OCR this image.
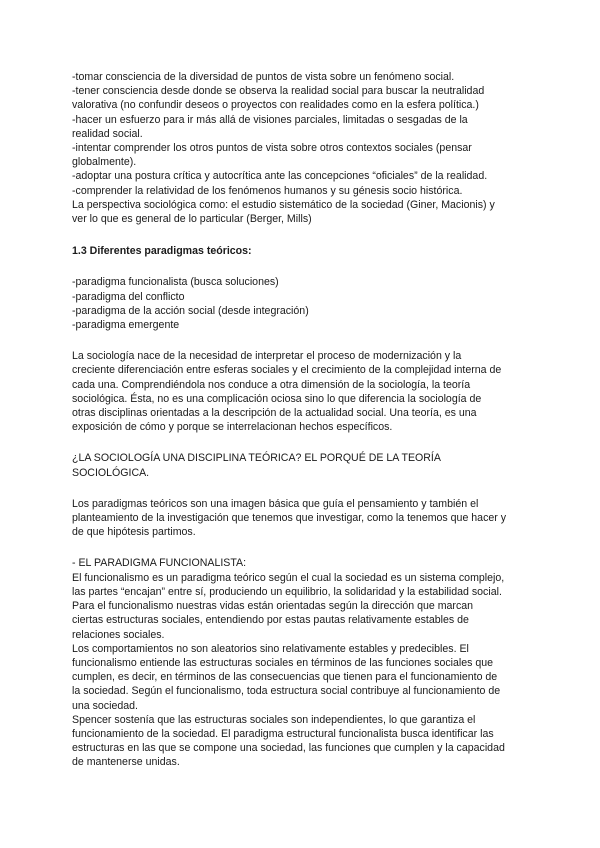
-tomar consciencia de la diversidad de puntos de vista sobre un fenómeno social.
-tener consciencia desde donde se observa la realidad social para buscar la neutralidad
valorativa (no confundir deseos o proyectos con realidades como en la esfera política.)
-hacer un esfuerzo para ir más allá de visiones parciales, limitadas o sesgadas de la
realidad social.
-intentar comprender los otros puntos de vista sobre otros contextos sociales (pensar
globalmente).
-adoptar una postura crítica y autocrítica ante las concepciones “oficiales” de la realidad.
-comprender la relatividad de los fenómenos humanos y su génesis socio histórica.
La perspectiva sociológica como: el estudio sistemático de la sociedad (Giner, Macionis) y
ver lo que es general de lo particular (Berger, Mills)

1.3 Diferentes paradigmas teóricos:

-paradigma funcionalista (busca soluciones)
-paradigma del conflicto
-paradigma de la acción social (desde integración)
-paradigma emergente
La sociología nace de la necesidad de interpretar el proceso de modernización y la
creciente diferenciación entre esferas sociales y el crecimiento de la complejidad interna de
cada una. Comprendiéndola nos conduce a otra dimensión de la sociología, la teoría
sociológica. Ésta, no es una complicación ociosa sino lo que diferencia la sociología de
otras disciplinas orientadas a la descripción de la actualidad social. Una teoría, es una
exposición de cómo y porque se interrelacionan hechos específicos.
¿LA SOCIOLOGÍA UNA DISCIPLINA TEÓRICA? EL PORQUÉ DE LA TEORÍA
SOCIOLÓGICA.
Los paradigmas teóricos son una imagen básica que guía el pensamiento y también el
planteamiento de la investigación que tenemos que investigar, como la tenemos que hacer y
de que hipótesis partimos.
- EL PARADIGMA FUNCIONALISTA:
El funcionalismo es un paradigma teórico según el cual la sociedad es un sistema complejo,
las partes “encajan” entre sí, produciendo un equilibrio, la solidaridad y la estabilidad social.
Para el funcionalismo nuestras vidas están orientadas según la dirección que marcan
ciertas estructuras sociales, entendiendo por estas pautas relativamente estables de
relaciones sociales.
Los comportamientos no son aleatorios sino relativamente estables y predecibles. El
funcionalismo entiende las estructuras sociales en términos de las funciones sociales que
cumplen, es decir, en términos de las consecuencias que tienen para el funcionamiento de
la sociedad. Según el funcionalismo, toda estructura social contribuye al funcionamiento de
una sociedad.
Spencer sostenía que las estructuras sociales son independientes, lo que garantiza el
funcionamiento de la sociedad. El paradigma estructural funcionalista busca identificar las
estructuras en las que se compone una sociedad, las funciones que cumplen y la capacidad
de mantenerse unidas.
